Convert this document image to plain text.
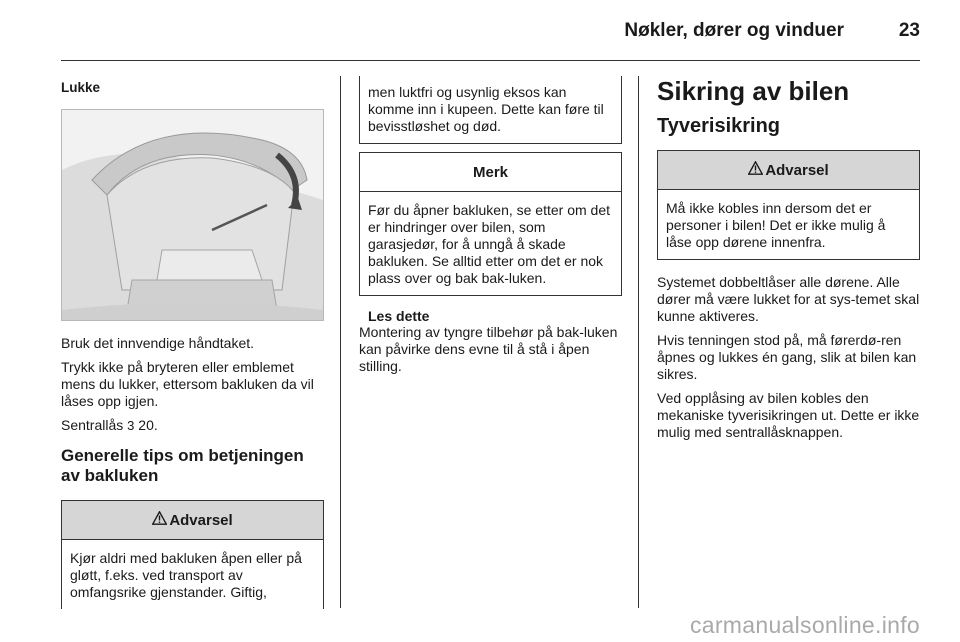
Nøkler, dører og vinduer	23
Lukke

Bruk det innvendige håndtaket.

Trykk ikke på bryteren eller emblemet mens du lukker, ettersom bakluken da vil låses opp igjen.

Sentrallås 3 20.

Generelle tips om betjeningen av bakluken
Advarsel
Kjør aldri med bakluken åpen eller på gløtt, f.eks. ved transport av omfangsrike gjenstander. Giftig,
men luktfri og usynlig eksos kan komme inn i kupeen. Dette kan føre til bevisstløshet og død.
Merk
Før du åpner bakluken, se etter om det er hindringer over bilen, som garasjedør, for å unngå å skade bakluken. Se alltid etter om det er nok plass over og bak bak-luken.
Les dette

Montering av tyngre tilbehør på bak-luken kan påvirke dens evne til å stå i åpen stilling.

Sikring av bilen
Tyverisikring
Advarsel
Må ikke kobles inn dersom det er personer i bilen! Det er ikke mulig å låse opp dørene innenfra.

Systemet dobbeltlåser alle dørene. Alle dører må være lukket for at sys-temet skal kunne aktiveres.

Hvis tenningen stod på, må førerdø-ren åpnes og lukkes én gang, slik at bilen kan sikres.

Ved opplåsing av bilen kobles den mekaniske tyverisikringen ut. Dette er ikke mulig med sentrallåsknappen.

carmanualsonline.info
